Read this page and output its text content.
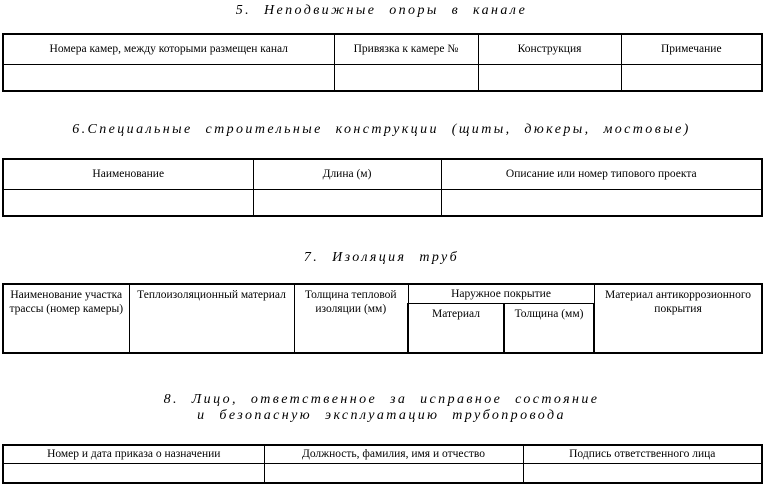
5. Неподвижные опоры в канале
Номера камер, между которыми размещен канал	Привязка к камере №	Конструкция	Примечание

6.Специальные строительные конструкции (щиты, дюкеры, мостовые)
Наименование	Длина (м)	Описание или номер типового проекта

7. Изоляция труб
Наименование участка трассы (номер камеры)	Теплоизоляционный материал	Толщина тепловой изоляции (мм)	Наружное покрытие		Материал антикоррозионного покрытия
			Материал	Толщина (мм)	
8. Лицо, ответственное за исправное состояние
и безопасную эксплуатацию трубопровода
Номер и дата приказа о назначении	Должность, фамилия, имя и отчество	Подпись ответственного лица
